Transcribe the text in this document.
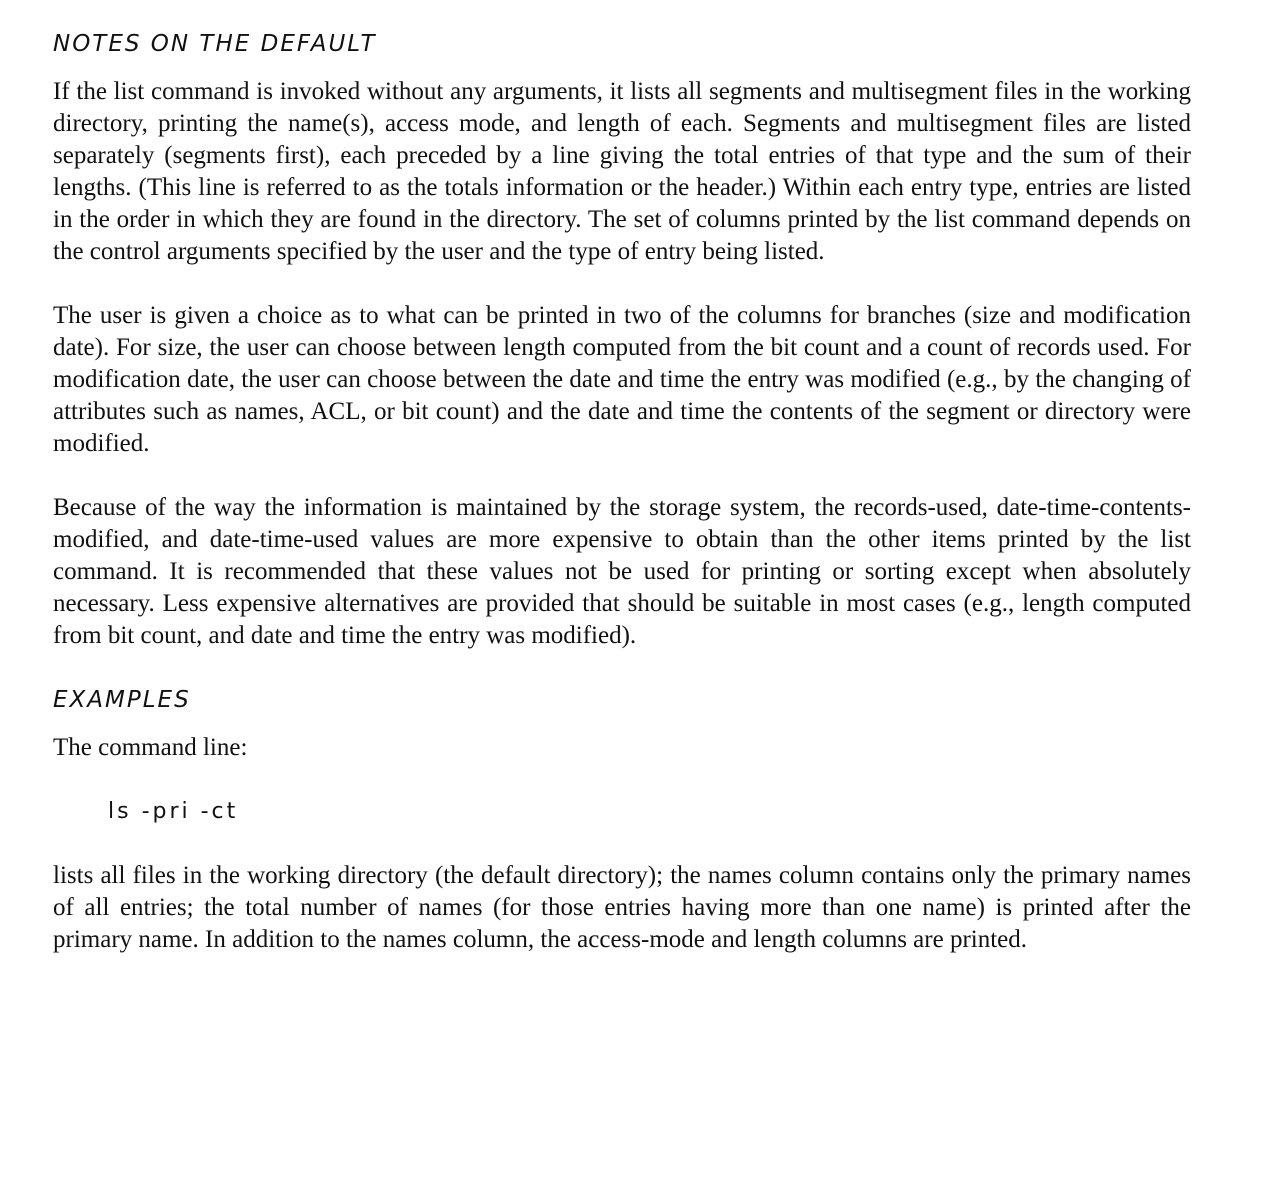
NOTES ON THE DEFAULT

If the list command is invoked without any arguments, it lists all segments and multisegment files in the working directory, printing the name(s), access mode, and length of each. Segments and multisegment files are listed separately (segments first), each preceded by a line giving the total entries of that type and the sum of their lengths. (This line is referred to as the totals information or the header.) Within each entry type, entries are listed in the order in which they are found in the directory. The set of columns printed by the list command depends on the control arguments specified by the user and the type of entry being listed.

The user is given a choice as to what can be printed in two of the columns for branches (size and modification date). For size, the user can choose between length computed from the bit count and a count of records used. For modification date, the user can choose between the date and time the entry was modified (e.g., by the changing of attributes such as names, ACL, or bit count) and the date and time the contents of the segment or directory were modified.

Because of the way the information is maintained by the storage system, the records-used, date-time-contents-modified, and date-time-used values are more expensive to obtain than the other items printed by the list command. It is recommended that these values not be used for printing or sorting except when absolutely necessary. Less expensive alternatives are provided that should be suitable in most cases (e.g., length computed from bit count, and date and time the entry was modified).

EXAMPLES

The command line:

ls -pri -ct

lists all files in the working directory (the default directory); the names column contains only the primary names of all entries; the total number of names (for those entries having more than one name) is printed after the primary name. In addition to the names column, the access-mode and length columns are printed.
